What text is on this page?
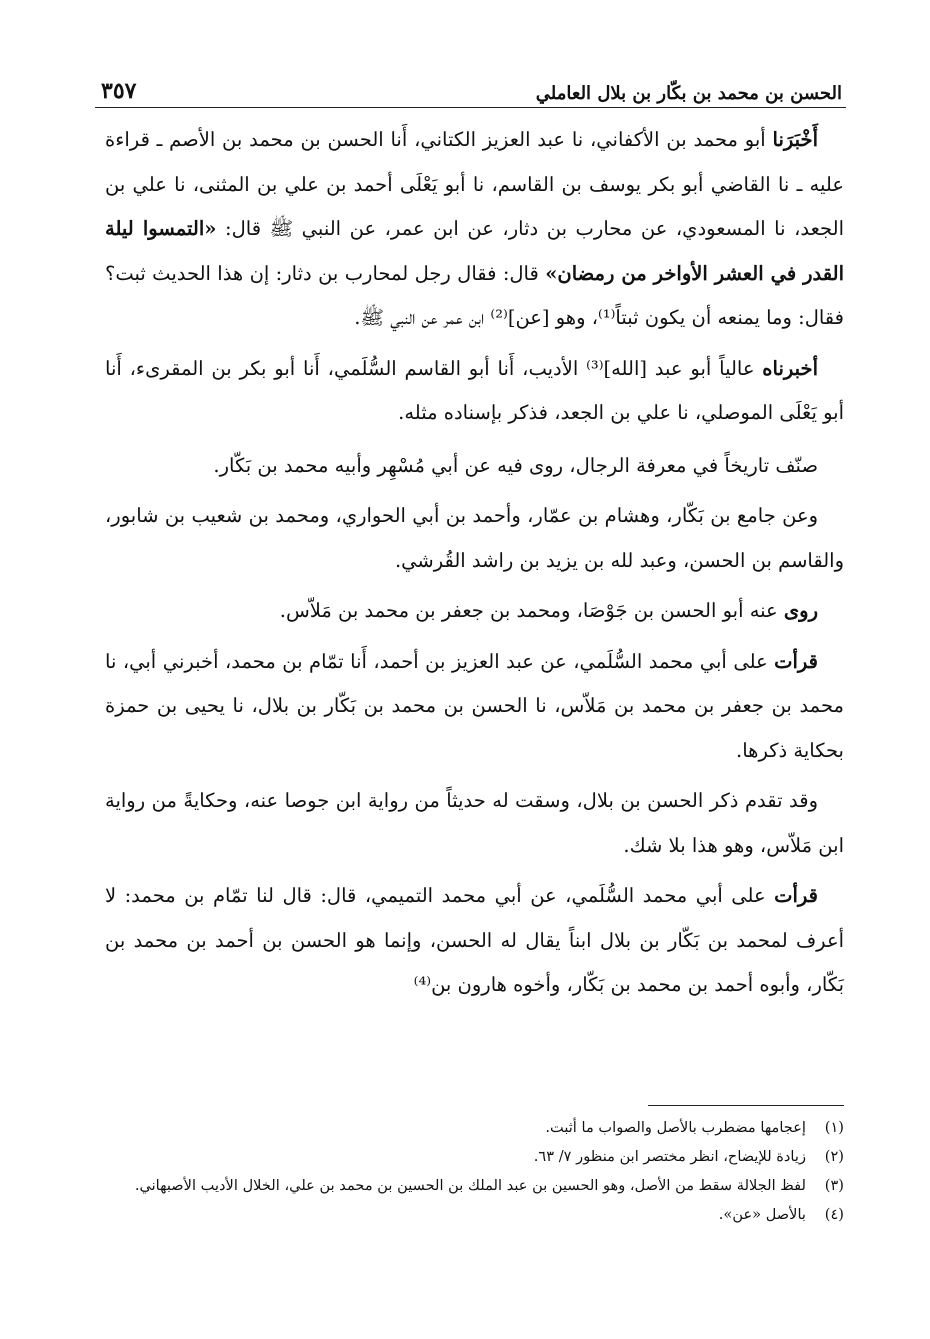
٣٥٧	الحسن بن محمد بن بكّار بن بلال العاملي

أَخْبَرَنا أبو محمد بن الأكفاني، نا عبد العزيز الكتاني، أَنا الحسن بن محمد بن الأصم ـ قراءة عليه ـ نا القاضي أبو بكر يوسف بن القاسم، نا أبو يَعْلَى أحمد بن علي بن المثنى، نا علي بن الجعد، نا المسعودي، عن محارب بن دثار، عن ابن عمر، عن النبي ﷺ قال: «التمسوا ليلة القدر في العشر الأواخر من رمضان» قال: فقال رجل لمحارب بن دثار: إن هذا الحديث ثبت؟ فقال: وما يمنعه أن يكون ثبتاً⁽¹⁾، وهو [عن]⁽²⁾ ابن عمر عن النبي ﷺ.

أخبرناه عالياً أبو عبد [الله]⁽³⁾ الأديب، أَنا أبو القاسم السُّلَمي، أَنا أبو بكر بن المقرىء، أَنا أبو يَعْلَى الموصلي، نا علي بن الجعد، فذكر بإسناده مثله.

صنّف تاريخاً في معرفة الرجال، روى فيه عن أبي مُسْهِر وأبيه محمد بن بَكّار.

وعن جامع بن بَكّار، وهشام بن عمّار، وأحمد بن أبي الحواري، ومحمد بن شعيب بن شابور، والقاسم بن الحسن، وعبد لله بن يزيد بن راشد القُرشي.

روى عنه أبو الحسن بن جَوْصَا، ومحمد بن جعفر بن محمد بن مَلاّس.

قرأت على أبي محمد السُّلَمي، عن عبد العزيز بن أحمد، أَنا تمّام بن محمد، أخبرني أبي، نا محمد بن جعفر بن محمد بن مَلاّس، نا الحسن بن محمد بن بَكّار بن بلال، نا يحيى بن حمزة بحكاية ذكرها.

وقد تقدم ذكر الحسن بن بلال، وسقت له حديثاً من رواية ابن جوصا عنه، وحكايةً من رواية ابن مَلاّس، وهو هذا بلا شك.

قرأت على أبي محمد السُّلَمي، عن أبي محمد التميمي، قال: قال لنا تمّام بن محمد: لا أعرف لمحمد بن بَكّار بن بلال ابناً يقال له الحسن، وإنما هو الحسن بن أحمد بن محمد بن بَكّار، وأبوه أحمد بن محمد بن بَكّار، وأخوه هارون بن⁽⁴⁾

(١)
إعجامها مضطرب بالأصل والصواب ما أثبت.
(٢)
زيادة للإيضاح، انظر مختصر ابن منظور ٧/ ٦٣.
(٣)
لفظ الجلالة سقط من الأصل، وهو الحسين بن عبد الملك بن الحسين بن محمد بن علي، الخلال الأديب الأصبهاني.
(٤)
بالأصل «عن».
